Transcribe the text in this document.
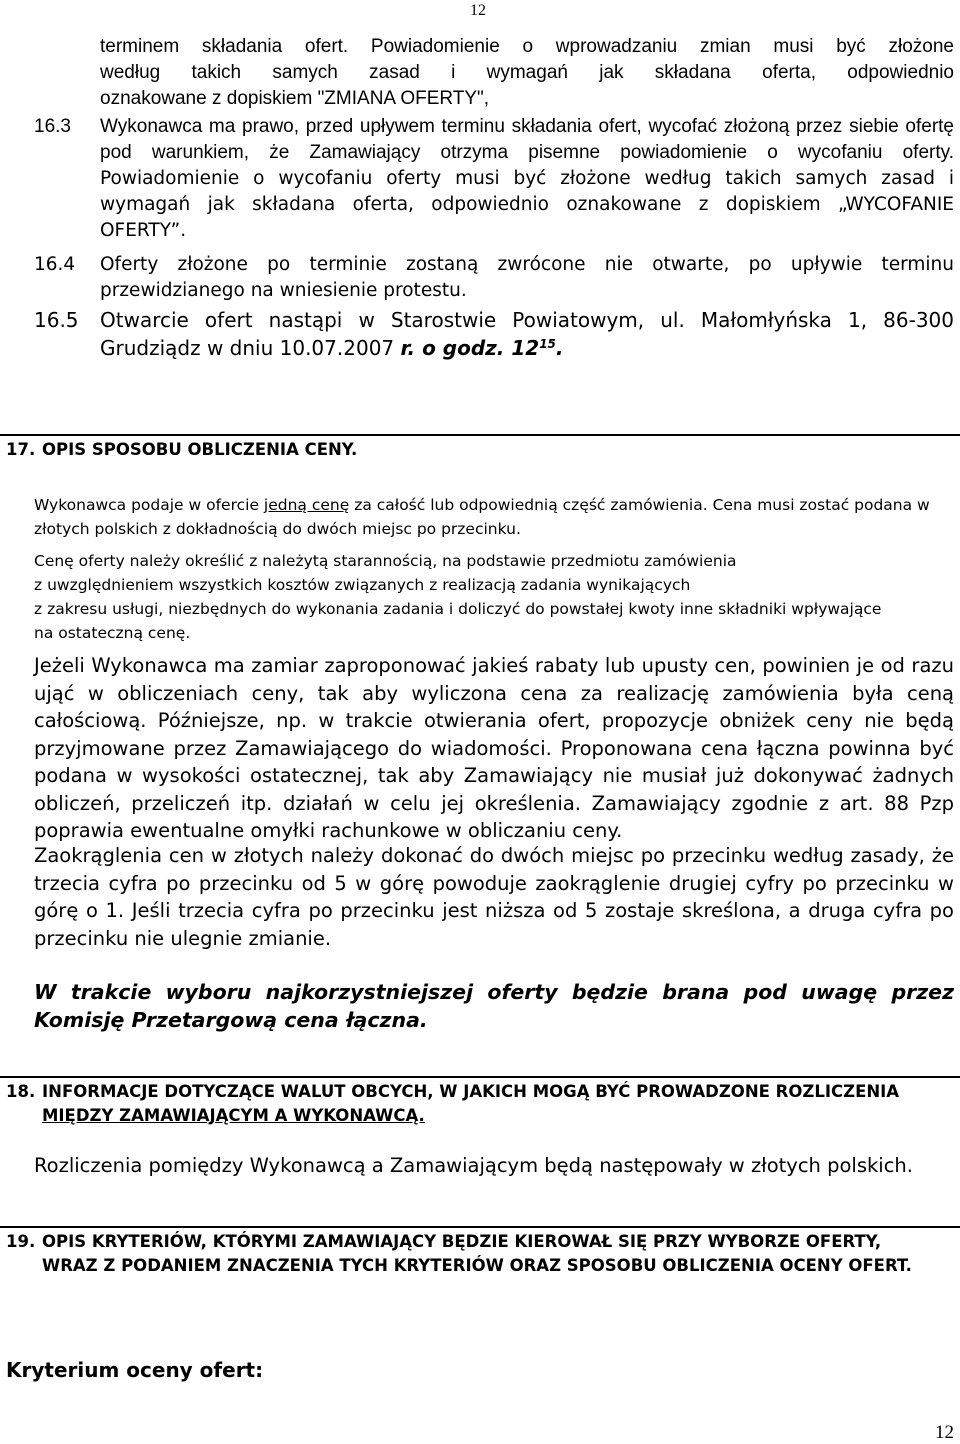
12
terminem składania ofert. Powiadomienie o wprowadzaniu zmian musi być złożone
według takich samych zasad i wymagań jak składana oferta, odpowiednio
oznakowane z dopiskiem "ZMIANA OFERTY",
16.3	Wykonawca ma prawo, przed upływem terminu składania ofert, wycofać złożoną przez siebie ofertę pod warunkiem, że Zamawiający otrzyma pisemne powiadomienie o wycofaniu oferty. Powiadomienie o wycofaniu oferty musi być złożone według takich samych zasad i wymagań jak składana oferta, odpowiednio oznakowane z dopiskiem „WYCOFANIE OFERTY”.
16.4	Oferty złożone po terminie zostaną zwrócone nie otwarte, po upływie terminu przewidzianego na wniesienie protestu.
16.5	Otwarcie ofert nastąpi w Starostwie Powiatowym, ul. Małomłyńska 1, 86-300 Grudziądz w dniu 10.07.2007 r. o godz. $12^{15}$.
17. OPIS SPOSOBU OBLICZENIA CENY.
Wykonawca podaje w ofercie jedną cenę za całość lub odpowiednią część zamówienia. Cena musi zostać podana w złotych polskich z dokładnością do dwóch miejsc po przecinku.
Cenę oferty należy określić z należytą starannością, na podstawie przedmiotu zamówienia
z uwzględnieniem wszystkich kosztów związanych z realizacją zadania wynikających
z zakresu usługi, niezbędnych do wykonania zadania i doliczyć do powstałej kwoty inne składniki wpływające
na ostateczną cenę.
Jeżeli Wykonawca ma zamiar zaproponować jakieś rabaty lub upusty cen, powinien je od razu ująć w obliczeniach ceny, tak aby wyliczona cena za realizację zamówienia była ceną całościową. Późniejsze, np. w trakcie otwierania ofert, propozycje obniżek ceny nie będą przyjmowane przez Zamawiającego do wiadomości. Proponowana cena łączna powinna być podana w wysokości ostatecznej, tak aby Zamawiający nie musiał już dokonywać żadnych obliczeń, przeliczeń itp. działań w celu jej określenia. Zamawiający zgodnie z art. 88 Pzp poprawia ewentualne omyłki rachunkowe w obliczaniu ceny.
Zaokrąglenia cen w złotych należy dokonać do dwóch miejsc po przecinku według zasady, że trzecia cyfra po przecinku od 5 w górę powoduje zaokrąglenie drugiej cyfry po przecinku w górę o 1. Jeśli trzecia cyfra po przecinku jest niższa od 5 zostaje skreślona, a druga cyfra po przecinku nie ulegnie zmianie.
W trakcie wyboru najkorzystniejszej oferty będzie brana pod uwagę przez Komisję Przetargową cena łączna.
18. INFORMACJE DOTYCZĄCE WALUT OBCYCH, W JAKICH MOGĄ BYĆ PROWADZONE ROZLICZENIA
MIĘDZY ZAMAWIAJĄCYM A WYKONAWCĄ.
Rozliczenia pomiędzy Wykonawcą a Zamawiającym będą następowały w złotych polskich.
19. OPIS KRYTERIÓW, KTÓRYMI ZAMAWIAJĄCY BĘDZIE KIEROWAŁ SIĘ PRZY WYBORZE OFERTY, WRAZ Z PODANIEM ZNACZENIA TYCH KRYTERIÓW ORAZ SPOSOBU OBLICZENIA OCENY OFERT.
Kryterium oceny ofert:
12
